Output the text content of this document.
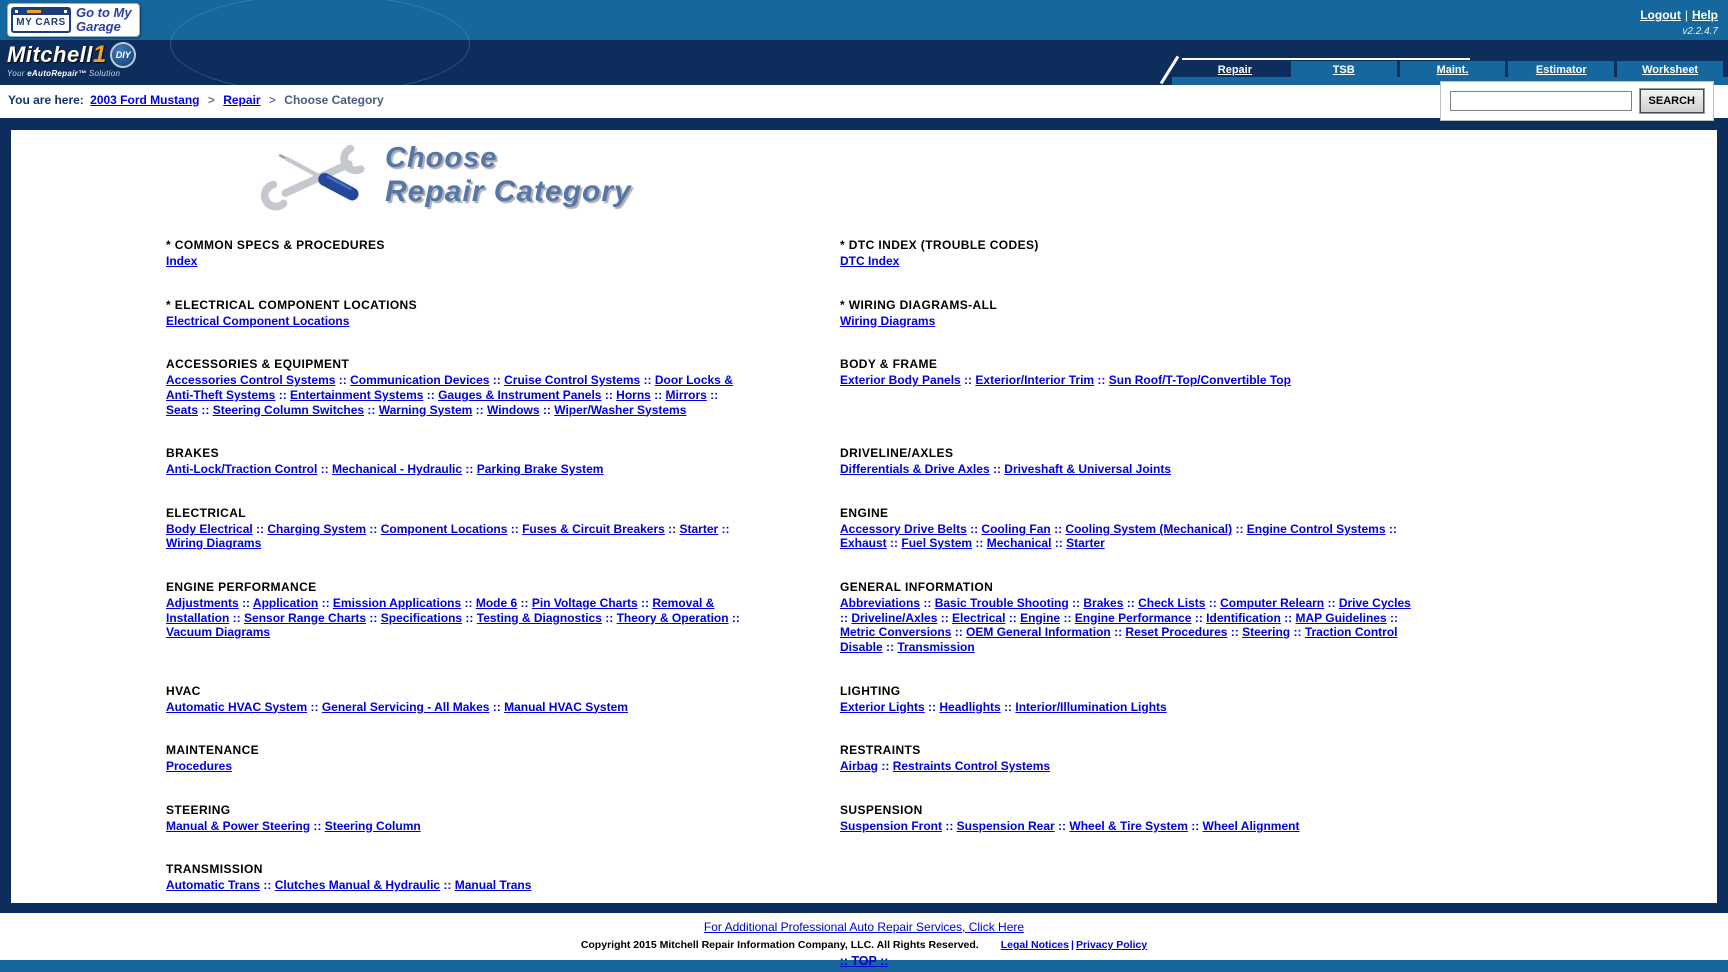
MY CARS
Go to My
Garage
Logout | Help
v2.2.4.7
Mitchell1	DIY
Your eAutoRepair™ Solution	Repair	TSB	Maint.	Estimator	Worksheet
You are here: 2003 Ford Mustang > Repair > Choose Category	SEARCH
Choose
Repair Category
* COMMON SPECS & PROCEDURES
Index
* DTC INDEX (TROUBLE CODES)
DTC Index
* ELECTRICAL COMPONENT LOCATIONS
Electrical Component Locations
* WIRING DIAGRAMS-ALL
Wiring Diagrams
ACCESSORIES & EQUIPMENT
Accessories Control Systems :: Communication Devices :: Cruise Control Systems :: Door Locks & Anti-Theft Systems :: Entertainment Systems :: Gauges & Instrument Panels :: Horns :: Mirrors :: Seats :: Steering Column Switches :: Warning System :: Windows :: Wiper/Washer Systems
BODY & FRAME
Exterior Body Panels :: Exterior/Interior Trim :: Sun Roof/T-Top/Convertible Top
BRAKES
Anti-Lock/Traction Control :: Mechanical - Hydraulic :: Parking Brake System
DRIVELINE/AXLES
Differentials & Drive Axles :: Driveshaft & Universal Joints
ELECTRICAL
Body Electrical :: Charging System :: Component Locations :: Fuses & Circuit Breakers :: Starter :: Wiring Diagrams
ENGINE
Accessory Drive Belts :: Cooling Fan :: Cooling System (Mechanical) :: Engine Control Systems :: Exhaust :: Fuel System :: Mechanical :: Starter
ENGINE PERFORMANCE
Adjustments :: Application :: Emission Applications :: Mode 6 :: Pin Voltage Charts :: Removal & Installation :: Sensor Range Charts :: Specifications :: Testing & Diagnostics :: Theory & Operation :: Vacuum Diagrams
GENERAL INFORMATION
Abbreviations :: Basic Trouble Shooting :: Brakes :: Check Lists :: Computer Relearn :: Drive Cycles :: Driveline/Axles :: Electrical :: Engine :: Engine Performance :: Identification :: MAP Guidelines :: Metric Conversions :: OEM General Information :: Reset Procedures :: Steering :: Traction Control Disable :: Transmission
HVAC
Automatic HVAC System :: General Servicing - All Makes :: Manual HVAC System
LIGHTING
Exterior Lights :: Headlights :: Interior/Illumination Lights
MAINTENANCE
Procedures
RESTRAINTS
Airbag :: Restraints Control Systems
STEERING
Manual & Power Steering :: Steering Column
SUSPENSION
Suspension Front :: Suspension Rear :: Wheel & Tire System :: Wheel Alignment
TRANSMISSION
Automatic Trans :: Clutches Manual & Hydraulic :: Manual Trans
For Additional Professional Auto Repair Services, Click Here
Copyright 2015 Mitchell Repair Information Company, LLC. All Rights Reserved. Legal Notices | Privacy Policy
:: TOP ::
